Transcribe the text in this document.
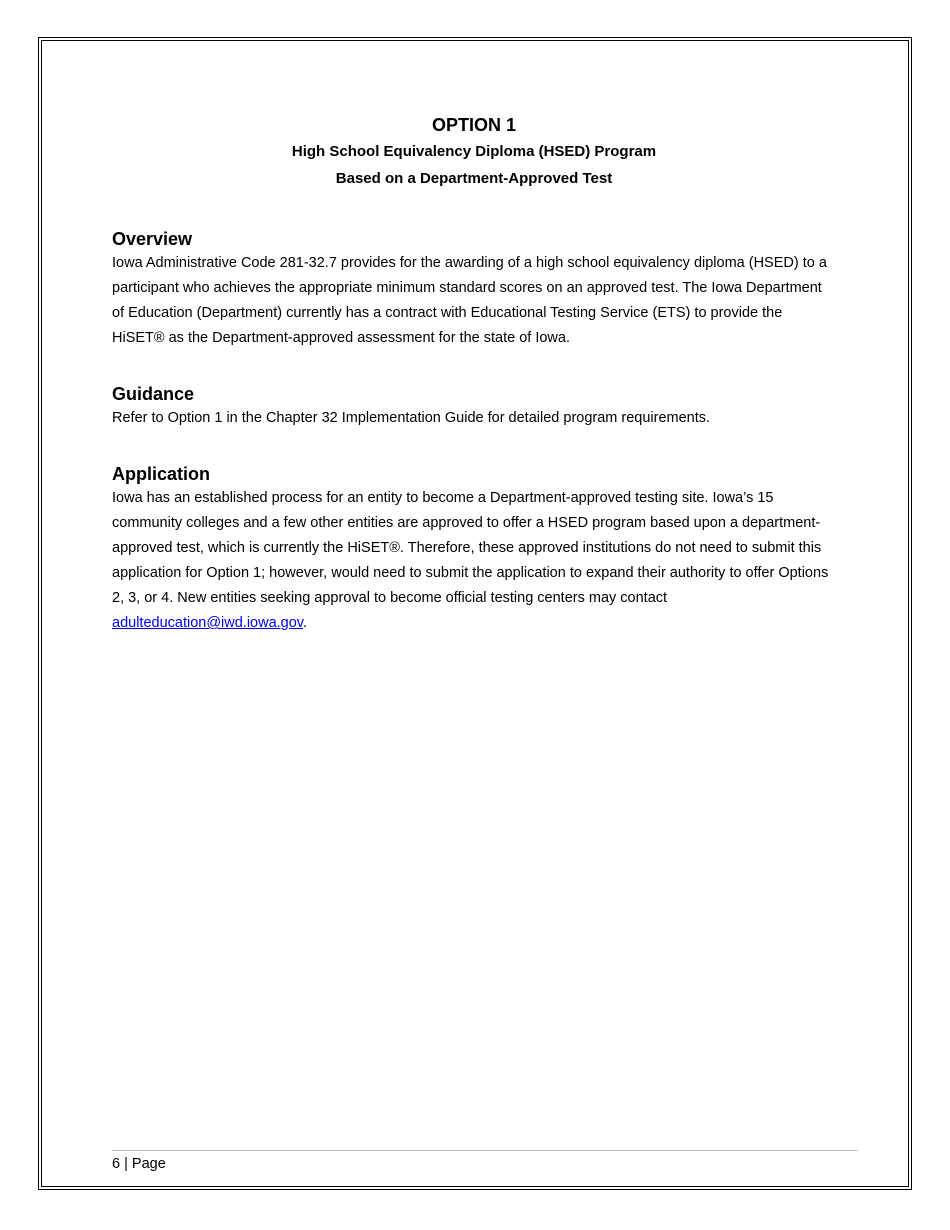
OPTION 1

High School Equivalency Diploma (HSED) Program

Based on a Department-Approved Test

Overview

Iowa Administrative Code 281-32.7 provides for the awarding of a high school equivalency diploma (HSED) to a participant who achieves the appropriate minimum standard scores on an approved test. The Iowa Department of Education (Department) currently has a contract with Educational Testing Service (ETS) to provide the HiSET® as the Department-approved assessment for the state of Iowa.

Guidance

Refer to Option 1 in the Chapter 32 Implementation Guide for detailed program requirements.

Application

Iowa has an established process for an entity to become a Department-approved testing site. Iowa’s 15 community colleges and a few other entities are approved to offer a HSED program based upon a department-approved test, which is currently the HiSET®. Therefore, these approved institutions do not need to submit this application for Option 1; however, would need to submit the application to expand their authority to offer Options 2, 3, or 4. New entities seeking approval to become official testing centers may contact adulteducation@iwd.iowa.gov.

6 | Page
